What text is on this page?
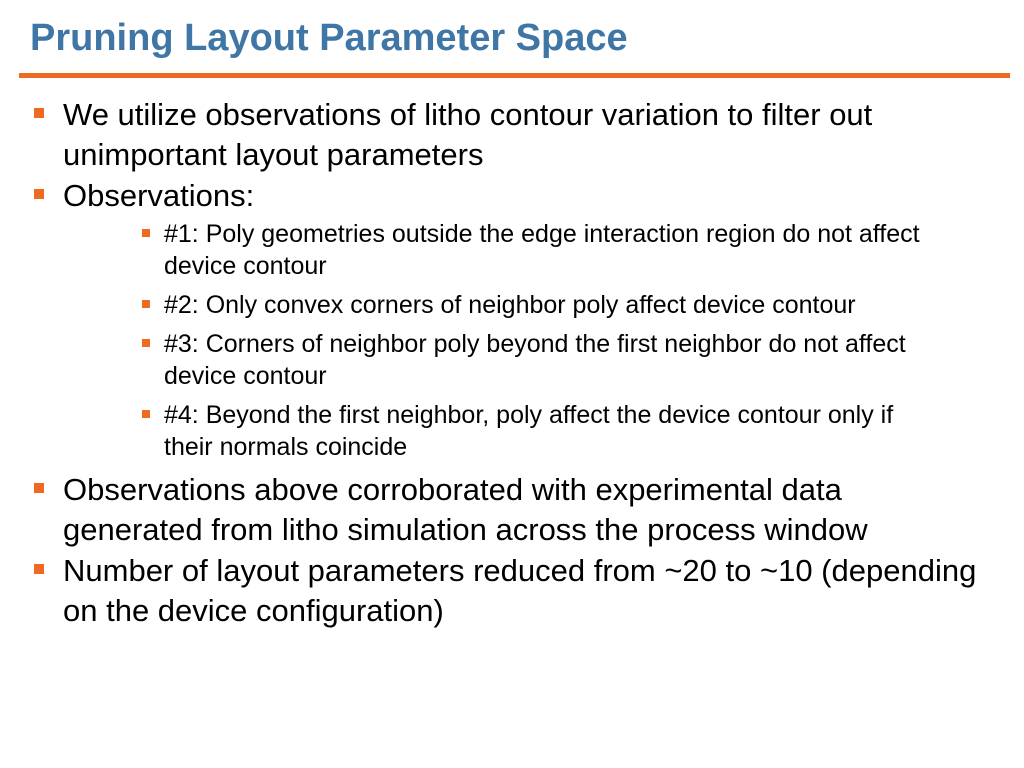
Pruning Layout Parameter Space
We utilize observations of litho contour variation to filter out unimportant layout parameters
Observations:
#1: Poly geometries outside the edge interaction region do not affect device contour
#2: Only convex corners of neighbor poly affect device contour
#3: Corners of neighbor poly beyond the first neighbor do not affect device contour
#4: Beyond the first neighbor, poly affect the device contour only if their normals coincide
Observations above corroborated with experimental data generated from litho simulation across the process window
Number of layout parameters reduced from ~20 to ~10 (depending on the device configuration)
